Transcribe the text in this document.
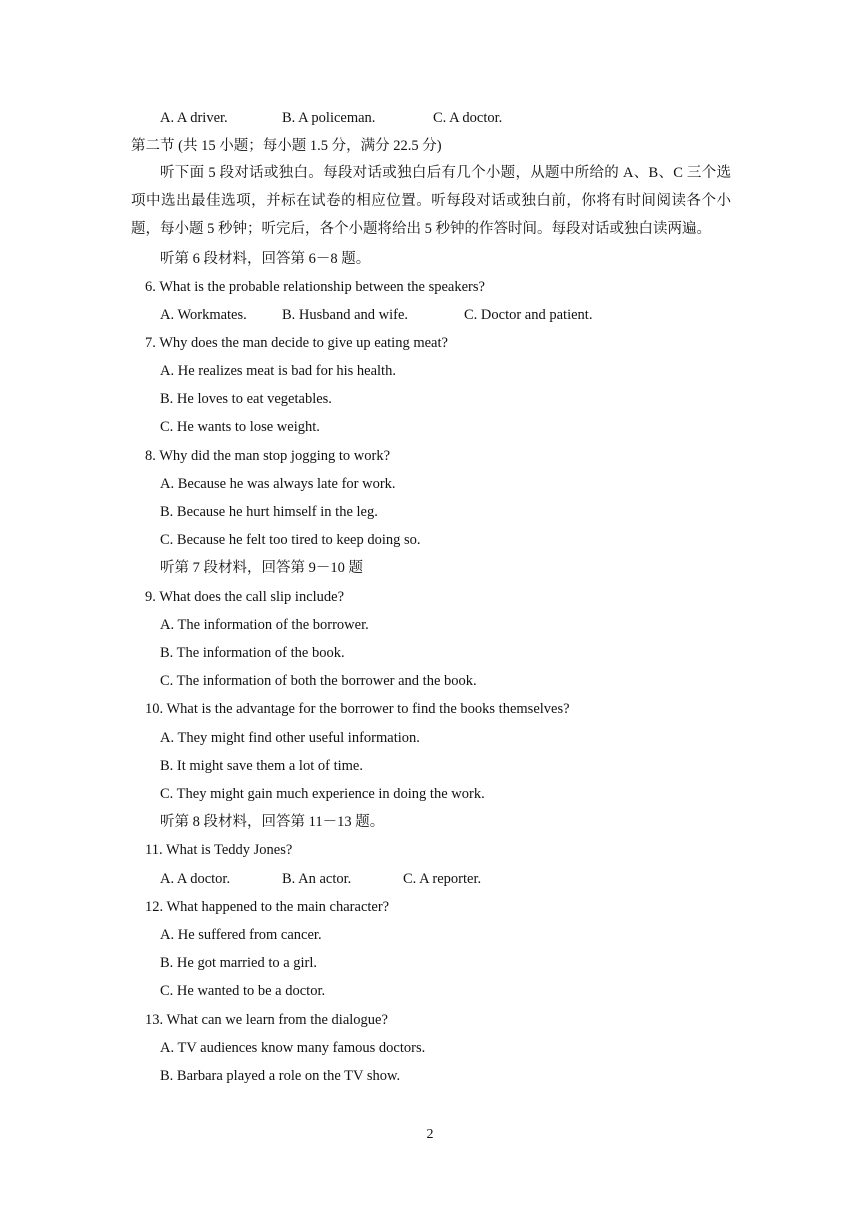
A. A driver.	B. A policeman.	C. A doctor.
第二节 (共 15 小题；每小题 1.5 分，满分 22.5 分)
听下面 5 段对话或独白。每段对话或独白后有几个小题，从题中所给的 A、B、C 三个选项中选出最佳选项，并标在试卷的相应位置。听每段对话或独白前，你将有时间阅读各个小题，每小题 5 秒钟；听完后，各个小题将给出 5 秒钟的作答时间。每段对话或独白读两遍。
听第 6 段材料，回答第 6－8 题。
6. What is the probable relationship between the speakers?
A. Workmates. B. Husband and wife.	C. Doctor and patient.
7. Why does the man decide to give up eating meat?
A. He realizes meat is bad for his health.
B. He loves to eat vegetables.
C. He wants to lose weight.
8. Why did the man stop jogging to work?
A. Because he was always late for work.
B. Because he hurt himself in the leg.
C. Because he felt too tired to keep doing so.
听第 7 段材料，回答第 9－10 题
9. What does the call slip include?
A. The information of the borrower.
B. The information of the book.
C. The information of both the borrower and the book.
10. What is the advantage for the borrower to find the books themselves?
A. They might find other useful information.
B. It might save them a lot of time.
C. They might gain much experience in doing the work.
听第 8 段材料，回答第 11－13 题。
11. What is Teddy Jones?
A. A doctor.	B. An actor.	C. A reporter.
12. What happened to the main character?
A. He suffered from cancer.
B. He got married to a girl.
C. He wanted to be a doctor.
13. What can we learn from the dialogue?
A. TV audiences know many famous doctors.
B. Barbara played a role on the TV show.
2
